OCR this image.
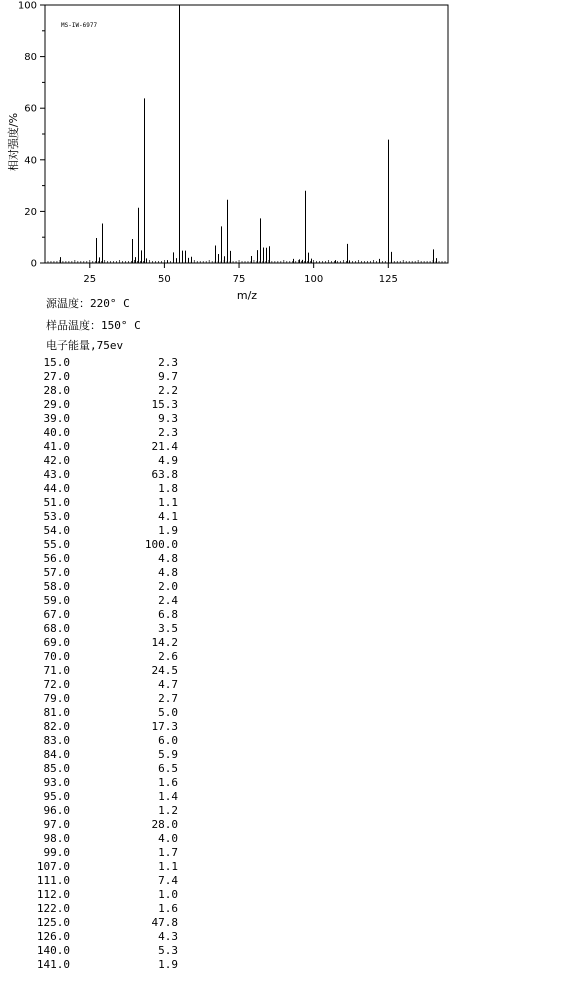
0
20
40
60
80
100
25	50	75	100	125
MS-IW-6977
m/z
相对强度/%
源温度：220° C
样品温度：150° C
电子能量,75ev
15.0	2.3
27.0	9.7
28.0	2.2
29.0	15.3
39.0	9.3
40.0	2.3
41.0	21.4
42.0	4.9
43.0	63.8
44.0	1.8
51.0	1.1
53.0	4.1
54.0	1.9
55.0	100.0
56.0	4.8
57.0	4.8
58.0	2.0
59.0	2.4
67.0	6.8
68.0	3.5
69.0	14.2
70.0	2.6
71.0	24.5
72.0	4.7
79.0	2.7
81.0	5.0
82.0	17.3
83.0	6.0
84.0	5.9
85.0	6.5
93.0	1.6
95.0	1.4
96.0	1.2
97.0	28.0
98.0	4.0
99.0	1.7
107.0	1.1
111.0	7.4
112.0	1.0
122.0	1.6
125.0	47.8
126.0	4.3
140.0	5.3
141.0	1.9
